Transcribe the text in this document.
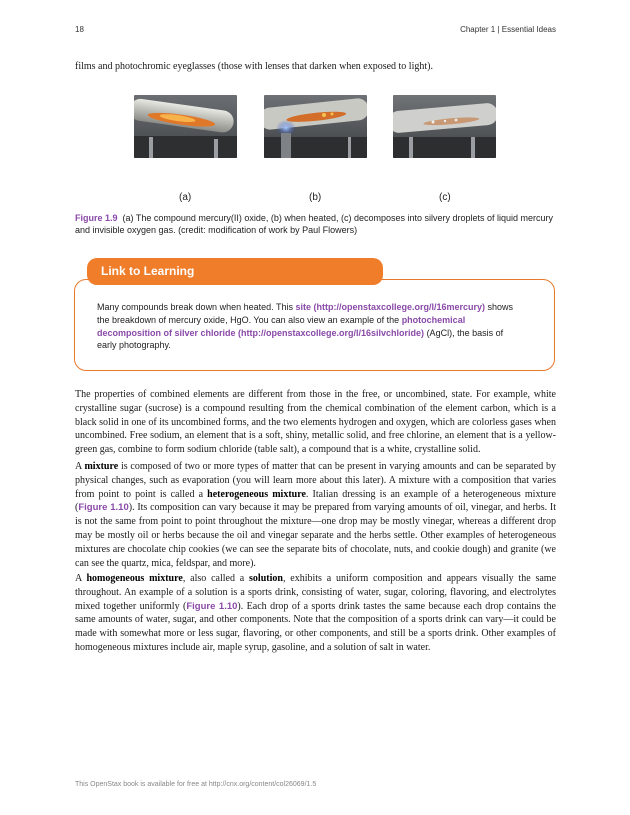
18	Chapter 1 | Essential Ideas
films and photochromic eyeglasses (those with lenses that darken when exposed to light).
(a)	(b)	(c)
Figure 1.9 (a) The compound mercury(II) oxide, (b) when heated, (c) decomposes into silvery droplets of liquid mercury and invisible oxygen gas. (credit: modification of work by Paul Flowers)
Link to Learning
Many compounds break down when heated. This site (http://openstaxcollege.org/l/16mercury) shows the breakdown of mercury oxide, HgO. You can also view an example of the photochemical decomposition of silver chloride (http://openstaxcollege.org/l/16silvchloride) (AgCl), the basis of early photography.
The properties of combined elements are different from those in the free, or uncombined, state. For example, white crystalline sugar (sucrose) is a compound resulting from the chemical combination of the element carbon, which is a black solid in one of its uncombined forms, and the two elements hydrogen and oxygen, which are colorless gases when uncombined. Free sodium, an element that is a soft, shiny, metallic solid, and free chlorine, an element that is a yellow-green gas, combine to form sodium chloride (table salt), a compound that is a white, crystalline solid.
A mixture is composed of two or more types of matter that can be present in varying amounts and can be separated by physical changes, such as evaporation (you will learn more about this later). A mixture with a composition that varies from point to point is called a heterogeneous mixture. Italian dressing is an example of a heterogeneous mixture (Figure 1.10). Its composition can vary because it may be prepared from varying amounts of oil, vinegar, and herbs. It is not the same from point to point throughout the mixture—one drop may be mostly vinegar, whereas a different drop may be mostly oil or herbs because the oil and vinegar separate and the herbs settle. Other examples of heterogeneous mixtures are chocolate chip cookies (we can see the separate bits of chocolate, nuts, and cookie dough) and granite (we can see the quartz, mica, feldspar, and more).
A homogeneous mixture, also called a solution, exhibits a uniform composition and appears visually the same throughout. An example of a solution is a sports drink, consisting of water, sugar, coloring, flavoring, and electrolytes mixed together uniformly (Figure 1.10). Each drop of a sports drink tastes the same because each drop contains the same amounts of water, sugar, and other components. Note that the composition of a sports drink can vary—it could be made with somewhat more or less sugar, flavoring, or other components, and still be a sports drink. Other examples of homogeneous mixtures include air, maple syrup, gasoline, and a solution of salt in water.
This OpenStax book is available for free at http://cnx.org/content/col26069/1.5
